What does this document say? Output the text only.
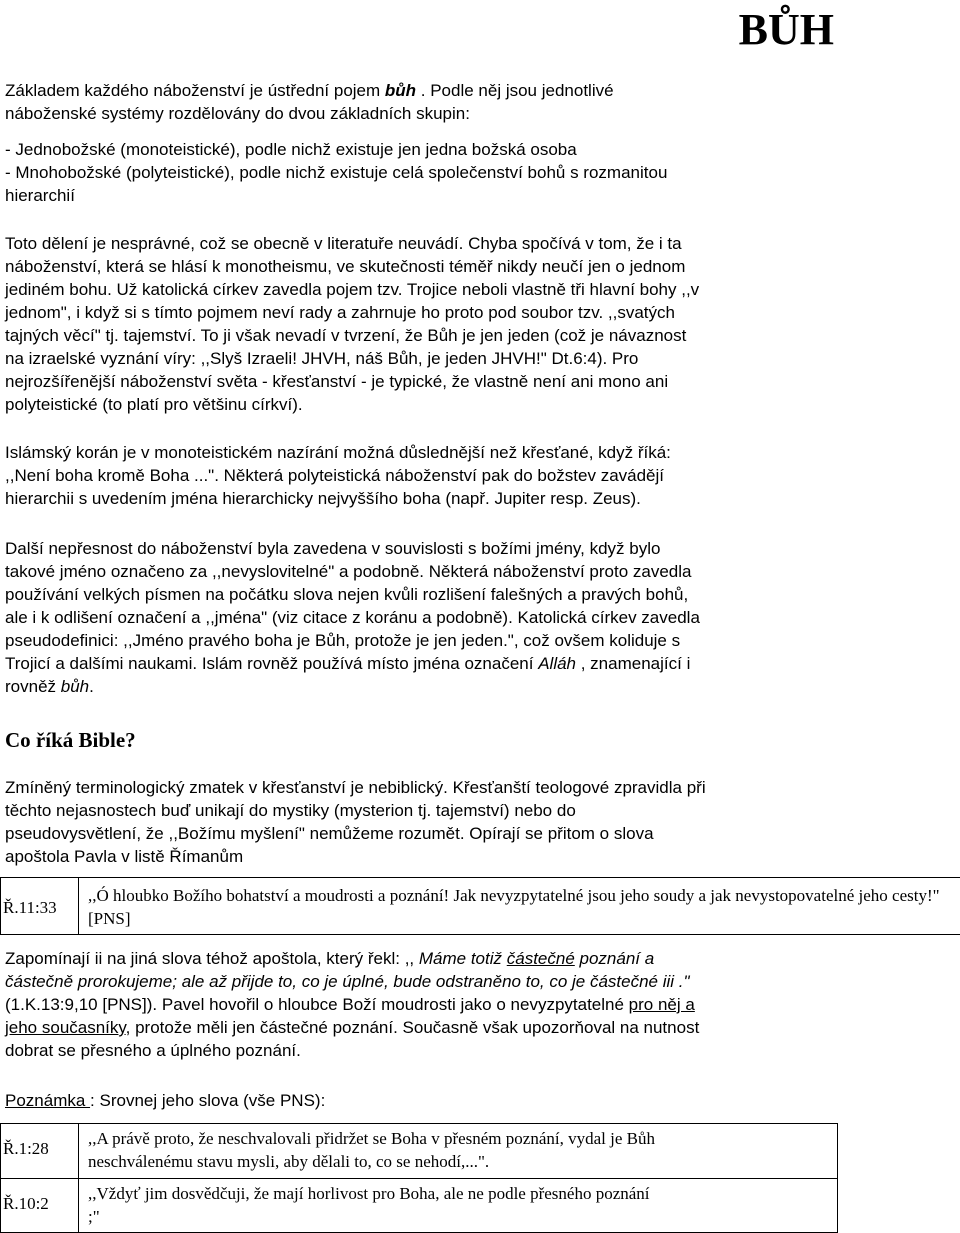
BŮH
Základem každého náboženství je ústřední pojem bůh . Podle něj jsou jednotlivé
náboženské systémy rozdělovány do dvou základních skupin:
- Jednobožské (monoteistické), podle nichž existuje jen jedna božská osoba
- Mnohobožské (polyteistické), podle nichž existuje celá společenství bohů s rozmanitou
hierarchií
Toto dělení je nesprávné, což se obecně v literatuře neuvádí. Chyba spočívá v tom, že i ta
náboženství, která se hlásí k monotheismu, ve skutečnosti téměř nikdy neučí jen o jednom
jediném bohu. Už katolická církev zavedla pojem tzv. Trojice neboli vlastně tři hlavní bohy ,,v
jednom", i když si s tímto pojmem neví rady a zahrnuje ho proto pod soubor tzv. ,,svatých
tajných věcí" tj. tajemství. To ji však nevadí v tvrzení, že Bůh je jen jeden (což je návaznost
na izraelské vyznání víry: ,,Slyš Izraeli! JHVH, náš Bůh, je jeden JHVH!" Dt.6:4). Pro
nejrozšířenější náboženství světa - křesťanství - je typické, že vlastně není ani mono ani
polyteistické (to platí pro většinu církví).
Islámský korán je v monoteistickém nazírání možná důslednější než křesťané, když říká:
,,Není boha kromě Boha ...". Některá polyteistická náboženství pak do božstev zavádějí
hierarchii s uvedením jména hierarchicky nejvyššího boha (např. Jupiter resp. Zeus).
Další nepřesnost do náboženství byla zavedena v souvislosti s božími jmény, když bylo
takové jméno označeno za ,,nevyslovitelné" a podobně. Některá náboženství proto zavedla
používání velkých písmen na počátku slova nejen kvůli rozlišení falešných a pravých bohů,
ale i k odlišení označení a ,,jména" (viz citace z koránu a podobně). Katolická církev zavedla
pseudodefinici: ,,Jméno pravého boha je Bůh, protože je jen jeden.", což ovšem koliduje s
Trojicí a dalšími naukami. Islám rovněž používá místo jména označení Alláh , znamenající i
rovněž bůh.
Co říká Bible?
Zmíněný terminologický zmatek v křesťanství je nebiblický. Křesťanští teologové zpravidla při
těchto nejasnostech buď unikají do mystiky (mysterion tj. tajemství) nebo do
pseudovysvětlení, že ,,Božímu myšlení" nemůžeme rozumět. Opírají se přitom o slova
apoštola Pavla v listě Římanům
Ř.11:33
,,Ó hloubko Božího bohatství a moudrosti a poznání! Jak nevyzpytatelné jsou jeho soudy a jak nevystopovatelné jeho cesty!"
[PNS]
Zapomínají ii na jiná slova téhož apoštola, který řekl: ,, Máme totiž částečné poznání a
částečně prorokujeme; ale až přijde to, co je úplné, bude odstraněno to, co je částečné iii ."
(1.K.13:9,10 [PNS]). Pavel hovořil o hloubce Boží moudrosti jako o nevyzpytatelné pro něj a
jeho současníky, protože měli jen částečné poznání. Současně však upozorňoval na nutnost
dobrat se přesného a úplného poznání.
Poznámka : Srovnej jeho slova (vše PNS):
Ř.1:28
Ř.10:2
,,A právě proto, že neschvalovali přidržet se Boha v přesném poznání, vydal je Bůh
neschválenému stavu mysli, aby dělali to, co se nehodí,...".
,,Vždyť jim dosvědčuji, že mají horlivost pro Boha, ale ne podle přesného poznání
;"
